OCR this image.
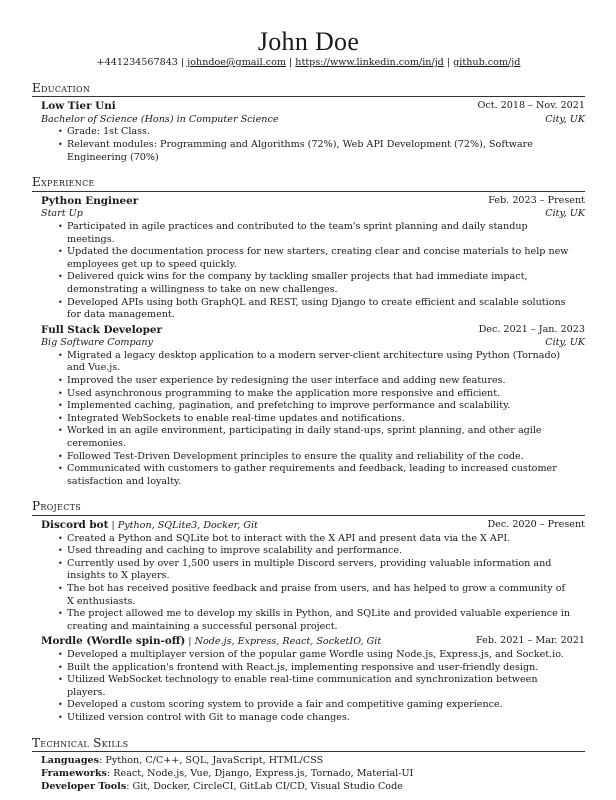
John Doe
+441234567843 | johndoe@gmail.com | https://www.linkedin.com/in/jd | github.com/jd
Education
Low Tier Uni	Oct. 2018 – Nov. 2021
Bachelor of Science (Hons) in Computer Science	City, UK
• Grade: 1st Class.
• Relevant modules: Programming and Algorithms (72%), Web API Development (72%), Software Engineering (70%)
Experience
Python Engineer	Feb. 2023 – Present
Start Up	City, UK
• Participated in agile practices and contributed to the team's sprint planning and daily standup meetings.
• Updated the documentation process for new starters, creating clear and concise materials to help new employees get up to speed quickly.
• Delivered quick wins for the company by tackling smaller projects that had immediate impact, demonstrating a willingness to take on new challenges.
• Developed APIs using both GraphQL and REST, using Django to create efficient and scalable solutions for data management.
Full Stack Developer	Dec. 2021 – Jan. 2023
Big Software Company	City, UK
• Migrated a legacy desktop application to a modern server-client architecture using Python (Tornado) and Vue.js.
• Improved the user experience by redesigning the user interface and adding new features.
• Used asynchronous programming to make the application more responsive and efficient.
• Implemented caching, pagination, and prefetching to improve performance and scalability.
• Integrated WebSockets to enable real-time updates and notifications.
• Worked in an agile environment, participating in daily stand-ups, sprint planning, and other agile ceremonies.
• Followed Test-Driven Development principles to ensure the quality and reliability of the code.
• Communicated with customers to gather requirements and feedback, leading to increased customer satisfaction and loyalty.
Projects
Discord bot | Python, SQLite3, Docker, Git	Dec. 2020 – Present
• Created a Python and SQLite bot to interact with the X API and present data via the X API.
• Used threading and caching to improve scalability and performance.
• Currently used by over 1,500 users in multiple Discord servers, providing valuable information and insights to X players.
• The bot has received positive feedback and praise from users, and has helped to grow a community of X enthusiasts.
• The project allowed me to develop my skills in Python, and SQLite and provided valuable experience in creating and maintaining a successful personal project.
Mordle (Wordle spin-off) | Node.js, Express, React, SocketIO, Git	Feb. 2021 – Mar. 2021
• Developed a multiplayer version of the popular game Wordle using Node.js, Express.js, and Socket.io.
• Built the application's frontend with React.js, implementing responsive and user-friendly design.
• Utilized WebSocket technology to enable real-time communication and synchronization between players.
• Developed a custom scoring system to provide a fair and competitive gaming experience.
• Utilized version control with Git to manage code changes.
Technical Skills
Languages: Python, C/C++, SQL, JavaScript, HTML/CSS
Frameworks: React, Node.js, Vue, Django, Express.js, Tornado, Material-UI
Developer Tools: Git, Docker, CircleCI, GitLab CI/CD, Visual Studio Code
